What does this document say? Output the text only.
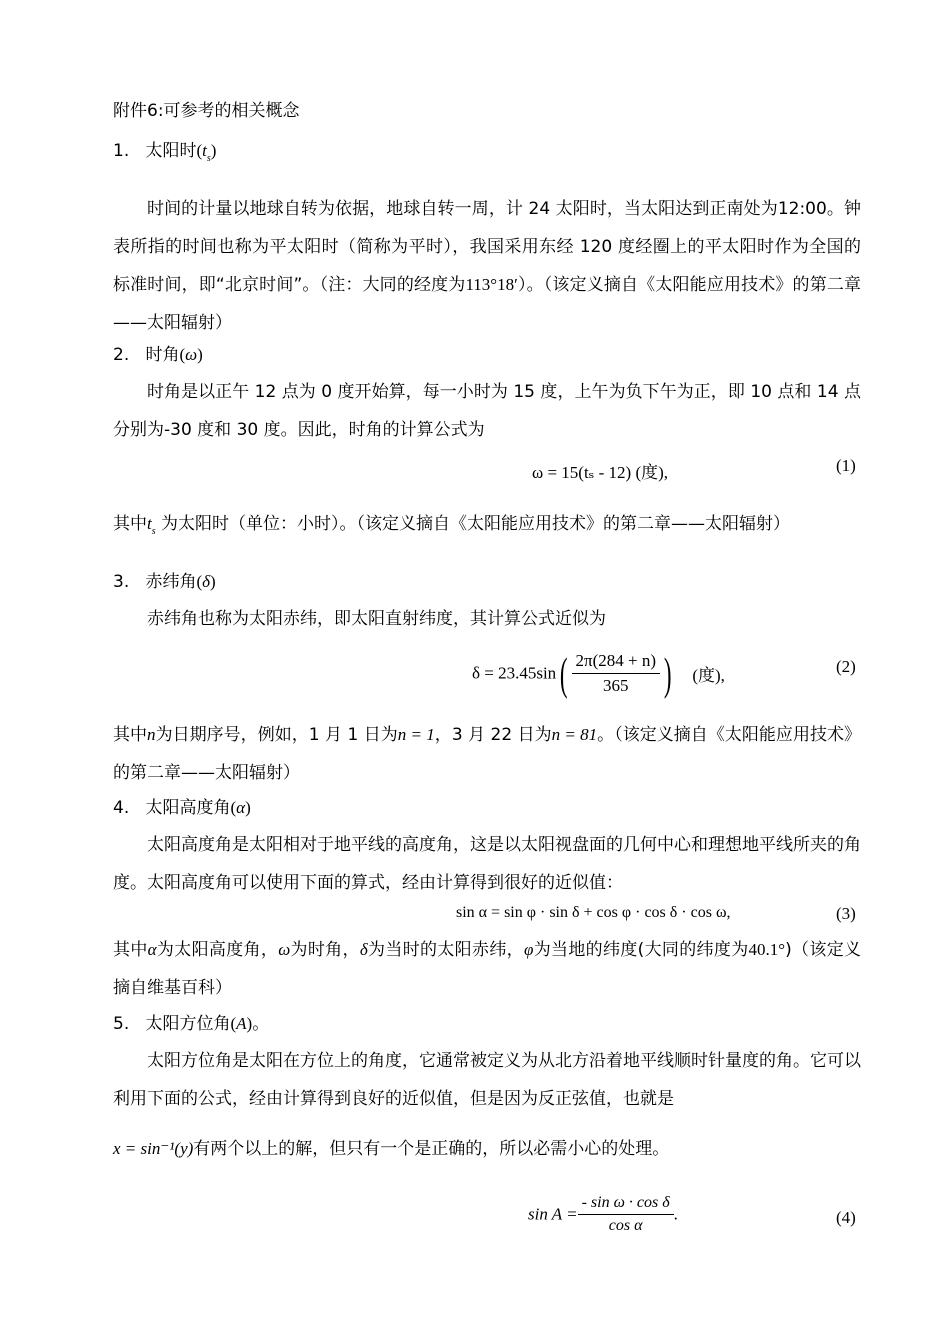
附件6:可参考的相关概念
1. 太阳时$(t_s)$
时间的计量以地球自转为依据，地球自转一周，计 24 太阳时，当太阳达到正南处为12:00。钟表所指的时间也称为平太阳时（简称为平时），我国采用东经 120 度经圈上的平太阳时作为全国的标准时间，即“北京时间”。（注：大同的经度为113°18′）。（该定义摘自《太阳能应用技术》的第二章——太阳辐射）
2. 时角(ω)
时角是以正午 12 点为 0 度开始算，每一小时为 15 度，上午为负下午为正，即 10 点和 14 点分别为-30 度和 30 度。因此，时角的计算公式为
ω = 15(tₛ - 12) (度),	(1)
其中$t_s$ 为太阳时（单位：小时）。（该定义摘自《太阳能应用技术》的第二章——太阳辐射）
3. 赤纬角(δ)
赤纬角也称为太阳赤纬，即太阳直射纬度，其计算公式近似为
$\delta = 23.45\sin( \frac{2\pi(284 + n)}{365}$ ) (度),	(2)
其中n为日期序号，例如，1 月 1 日为n = 1，3 月 22 日为n = 81。（该定义摘自《太阳能应用技术》的第二章——太阳辐射）
4. 太阳高度角(α)
太阳高度角是太阳相对于地平线的高度角，这是以太阳视盘面的几何中心和理想地平线所夹的角度。太阳高度角可以使用下面的算式，经由计算得到很好的近似值：
sin α = sin φ · sin δ + cos φ · cos δ · cos ω,	(3)
其中α为太阳高度角，ω为时角，δ为当时的太阳赤纬，φ为当地的纬度(大同的纬度为40.1°)（该定义摘自维基百科）
5. 太阳方位角(A)。
太阳方位角是太阳在方位上的角度，它通常被定义为从北方沿着地平线顺时针量度的角。它可以利用下面的公式，经由计算得到良好的近似值，但是因为反正弦值，也就是
x = sin⁻¹(y)有两个以上的解，但只有一个是正确的，所以必需小心的处理。
$\sin A = \frac{\text{- sin ω · cos δ}}{\text{cos α}}$ .	(4)
